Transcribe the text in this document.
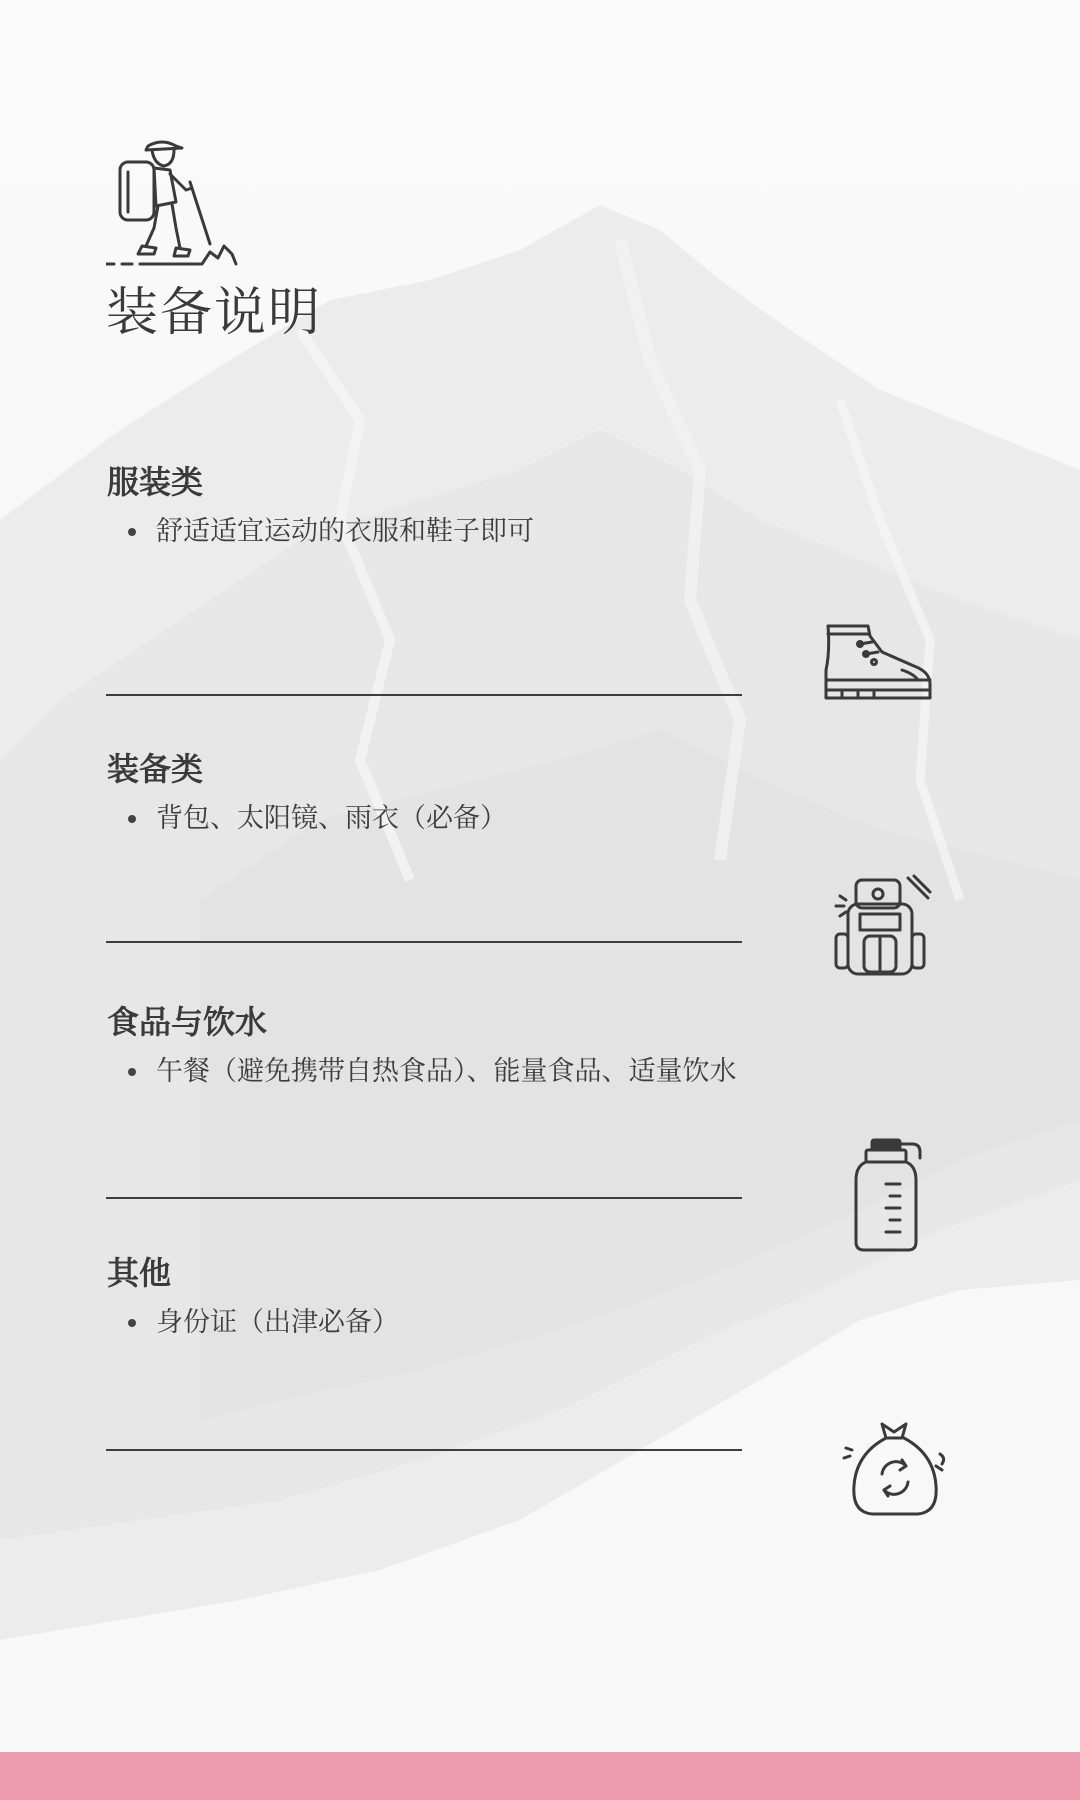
装备说明
服装类
舒适适宜运动的衣服和鞋子即可
装备类
背包、太阳镜、雨衣（必备）
食品与饮水
午餐（避免携带自热食品）、能量食品、适量饮水
其他
身份证（出津必备）
